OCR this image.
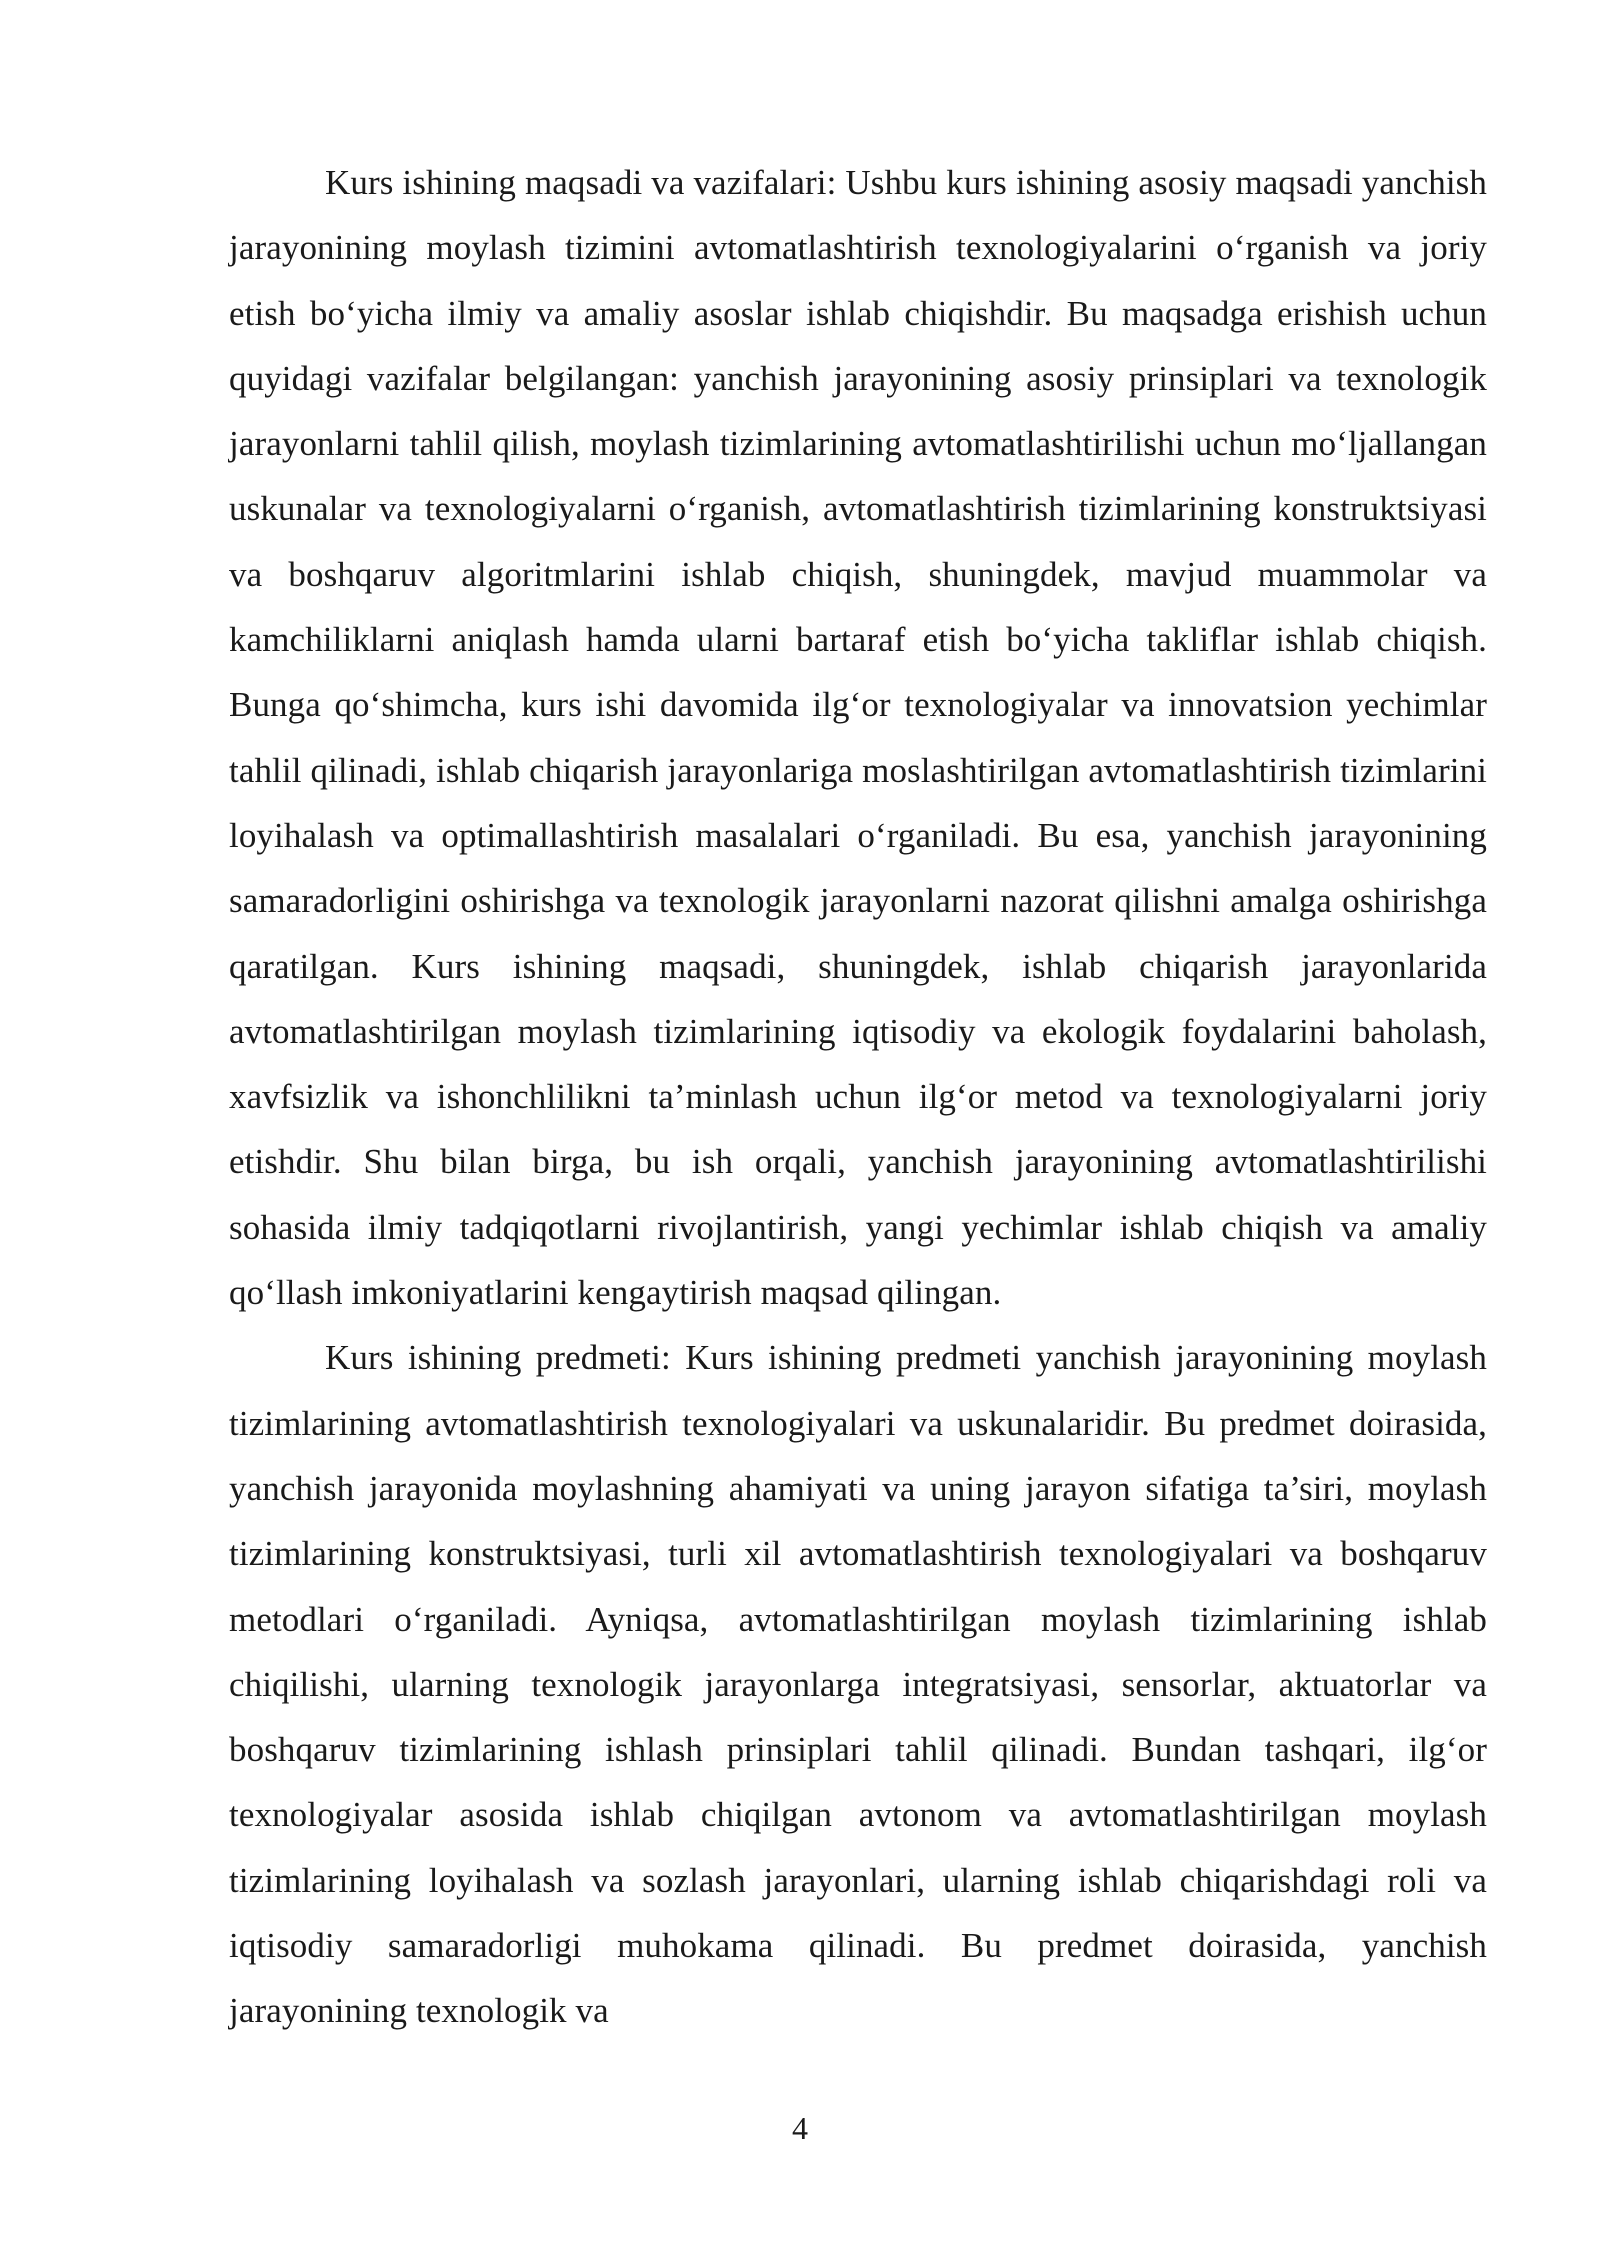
Kurs ishining maqsadi va vazifalari: Ushbu kurs ishining asosiy maqsadi yanchish jarayonining moylash tizimini avtomatlashtirish texnologiyalarini o‘rganish va joriy etish bo‘yicha ilmiy va amaliy asoslar ishlab chiqishdir. Bu maqsadga erishish uchun quyidagi vazifalar belgilangan: yanchish jarayonining asosiy prinsiplari va texnologik jarayonlarni tahlil qilish, moylash tizimlarining avtomatlashtirilishi uchun mo‘ljallangan uskunalar va texnologiyalarni o‘rganish, avtomatlashtirish tizimlarining konstruktsiyasi va boshqaruv algoritmlarini ishlab chiqish, shuningdek, mavjud muammolar va kamchiliklarni aniqlash hamda ularni bartaraf etish bo‘yicha takliflar ishlab chiqish. Bunga qo‘shimcha, kurs ishi davomida ilg‘or texnologiyalar va innovatsion yechimlar tahlil qilinadi, ishlab chiqarish jarayonlariga moslashtirilgan avtomatlashtirish tizimlarini loyihalash va optimallashtirish masalalari o‘rganiladi. Bu esa, yanchish jarayonining samaradorligini oshirishga va texnologik jarayonlarni nazorat qilishni amalga oshirishga qaratilgan. Kurs ishining maqsadi, shuningdek, ishlab chiqarish jarayonlarida avtomatlashtirilgan moylash tizimlarining iqtisodiy va ekologik foydalarini baholash, xavfsizlik va ishonchlilikni ta’minlash uchun ilg‘or metod va texnologiyalarni joriy etishdir. Shu bilan birga, bu ish orqali, yanchish jarayonining avtomatlashtirilishi sohasida ilmiy tadqiqotlarni rivojlantirish, yangi yechimlar ishlab chiqish va amaliy qo‘llash imkoniyatlarini kengaytirish maqsad qilingan.

Kurs ishining predmeti: Kurs ishining predmeti yanchish jarayonining moylash tizimlarining avtomatlashtirish texnologiyalari va uskunalaridir. Bu predmet doirasida, yanchish jarayonida moylashning ahamiyati va uning jarayon sifatiga ta’siri, moylash tizimlarining konstruktsiyasi, turli xil avtomatlashtirish texnologiyalari va boshqaruv metodlari o‘rganiladi. Ayniqsa, avtomatlashtirilgan moylash tizimlarining ishlab chiqilishi, ularning texnologik jarayonlarga integratsiyasi, sensorlar, aktuatorlar va boshqaruv tizimlarining ishlash prinsiplari tahlil qilinadi. Bundan tashqari, ilg‘or texnologiyalar asosida ishlab chiqilgan avtonom va avtomatlashtirilgan moylash tizimlarining loyihalash va sozlash jarayonlari, ularning ishlab chiqarishdagi roli va iqtisodiy samaradorligi muhokama qilinadi. Bu predmet doirasida, yanchish jarayonining texnologik va

4
